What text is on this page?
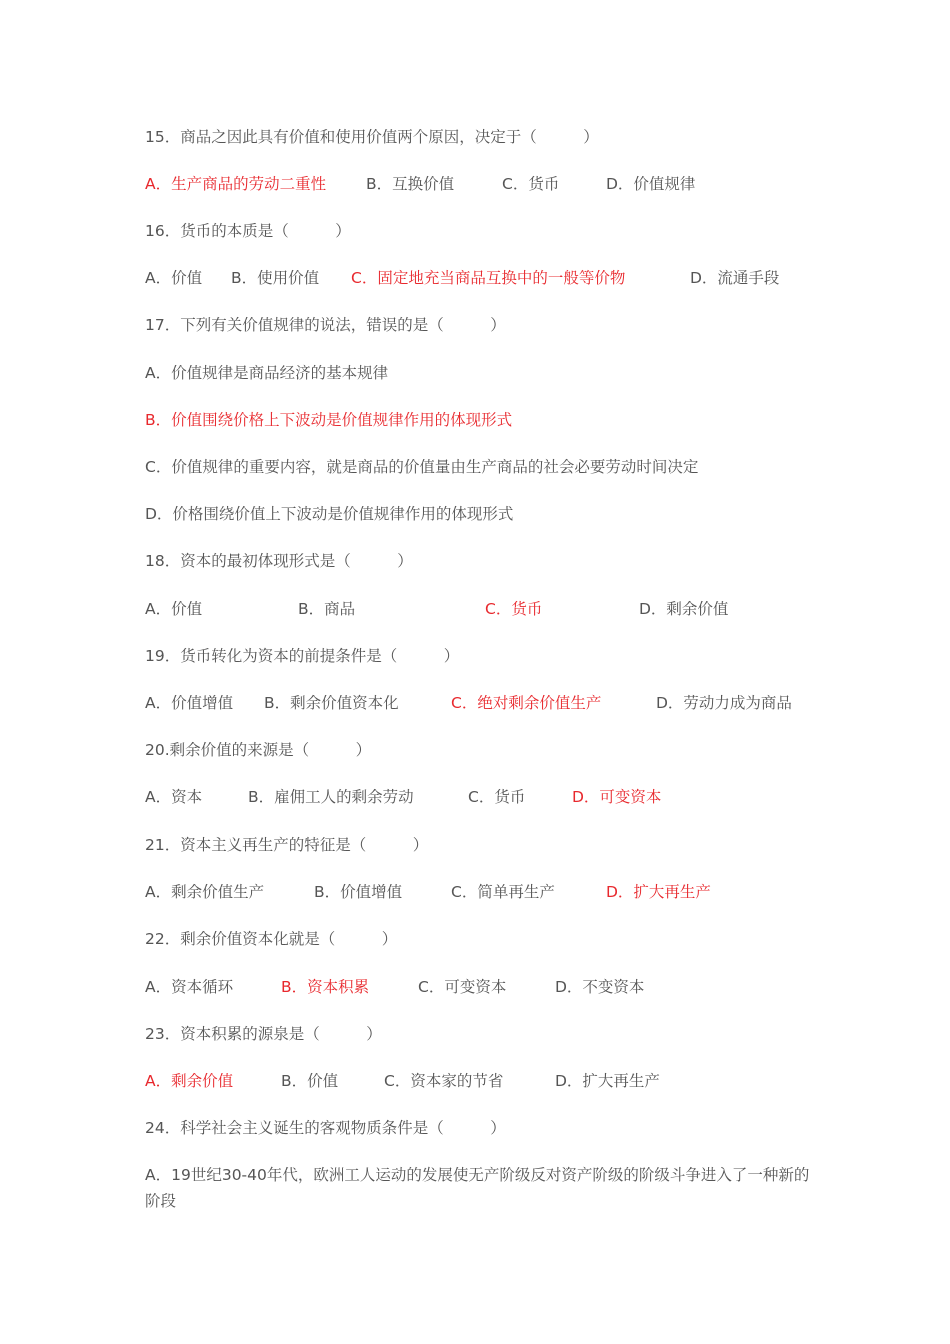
15．商品之因此具有价值和使用价值两个原因，决定于（　　　）
A．生产商品的劳动二重性	B．互换价值	C．货币	D．价值规律
16．货币的本质是（　　　）
A．价值 B．使用价值 C．固定地充当商品互换中的一般等价物	D．流通手段
17．下列有关价值规律的说法，错误的是（　　　）
A．价值规律是商品经济的基本规律
B．价值围绕价格上下波动是价值规律作用的体现形式
C．价值规律的重要内容，就是商品的价值量由生产商品的社会必要劳动时间决定
D．价格围绕价值上下波动是价值规律作用的体现形式
18．资本的最初体现形式是（　　　）
A．价值	B．商品	C．货币	D．剩余价值
19．货币转化为资本的前提条件是（　　　）
A．价值增值 B．剩余价值资本化	C．绝对剩余价值生产	D．劳动力成为商品
20.剩余价值的来源是（　　　）
A．资本	B．雇佣工人的剩余劳动	C．货币	D．可变资本
21．资本主义再生产的特征是（　　　）
A．剩余价值生产	B．价值增值	C．简单再生产	D．扩大再生产
22．剩余价值资本化就是（　　　）
A．资本循环	B．资本积累	C．可变资本	D．不变资本
23．资本积累的源泉是（　　　）
A．剩余价值	B．价值	C．资本家的节省	D．扩大再生产
24．科学社会主义诞生的客观物质条件是（　　　）
A．19世纪30-40年代，欧洲工人运动的发展使无产阶级反对资产阶级的阶级斗争进入了一种新的阶段
